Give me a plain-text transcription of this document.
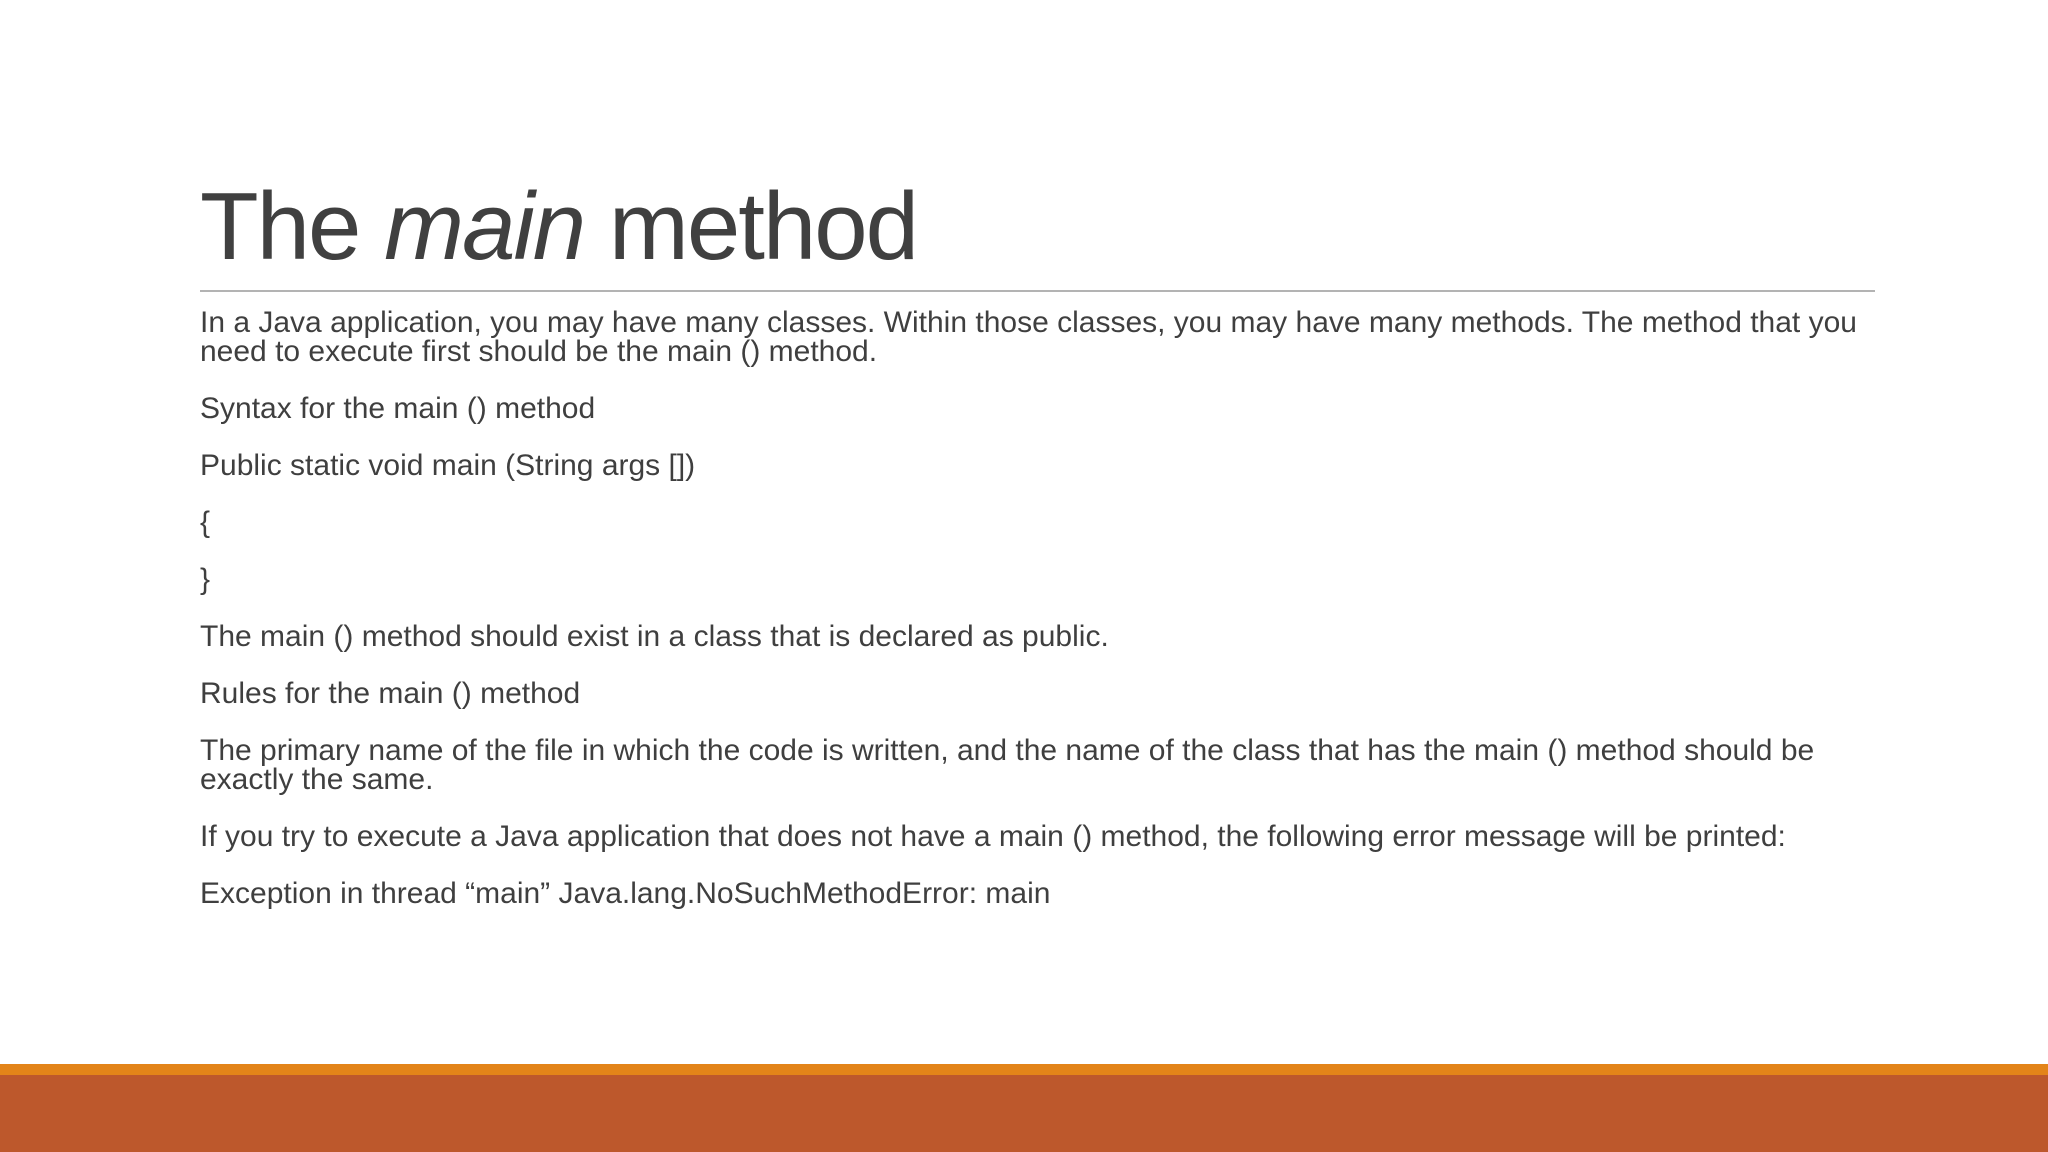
The main method

In a Java application, you may have many classes. Within those classes, you may have many methods. The method that you need to execute first should be the main () method.

Syntax for the main () method

Public static void main (String args [])

{

}

The main () method should exist in a class that is declared as public.

Rules for the main () method

The primary name of the file in which the code is written, and the name of the class that has the main () method should be exactly the same.

If you try to execute a Java application that does not have a main () method, the following error message will be printed:

Exception in thread “main” Java.lang.NoSuchMethodError: main
